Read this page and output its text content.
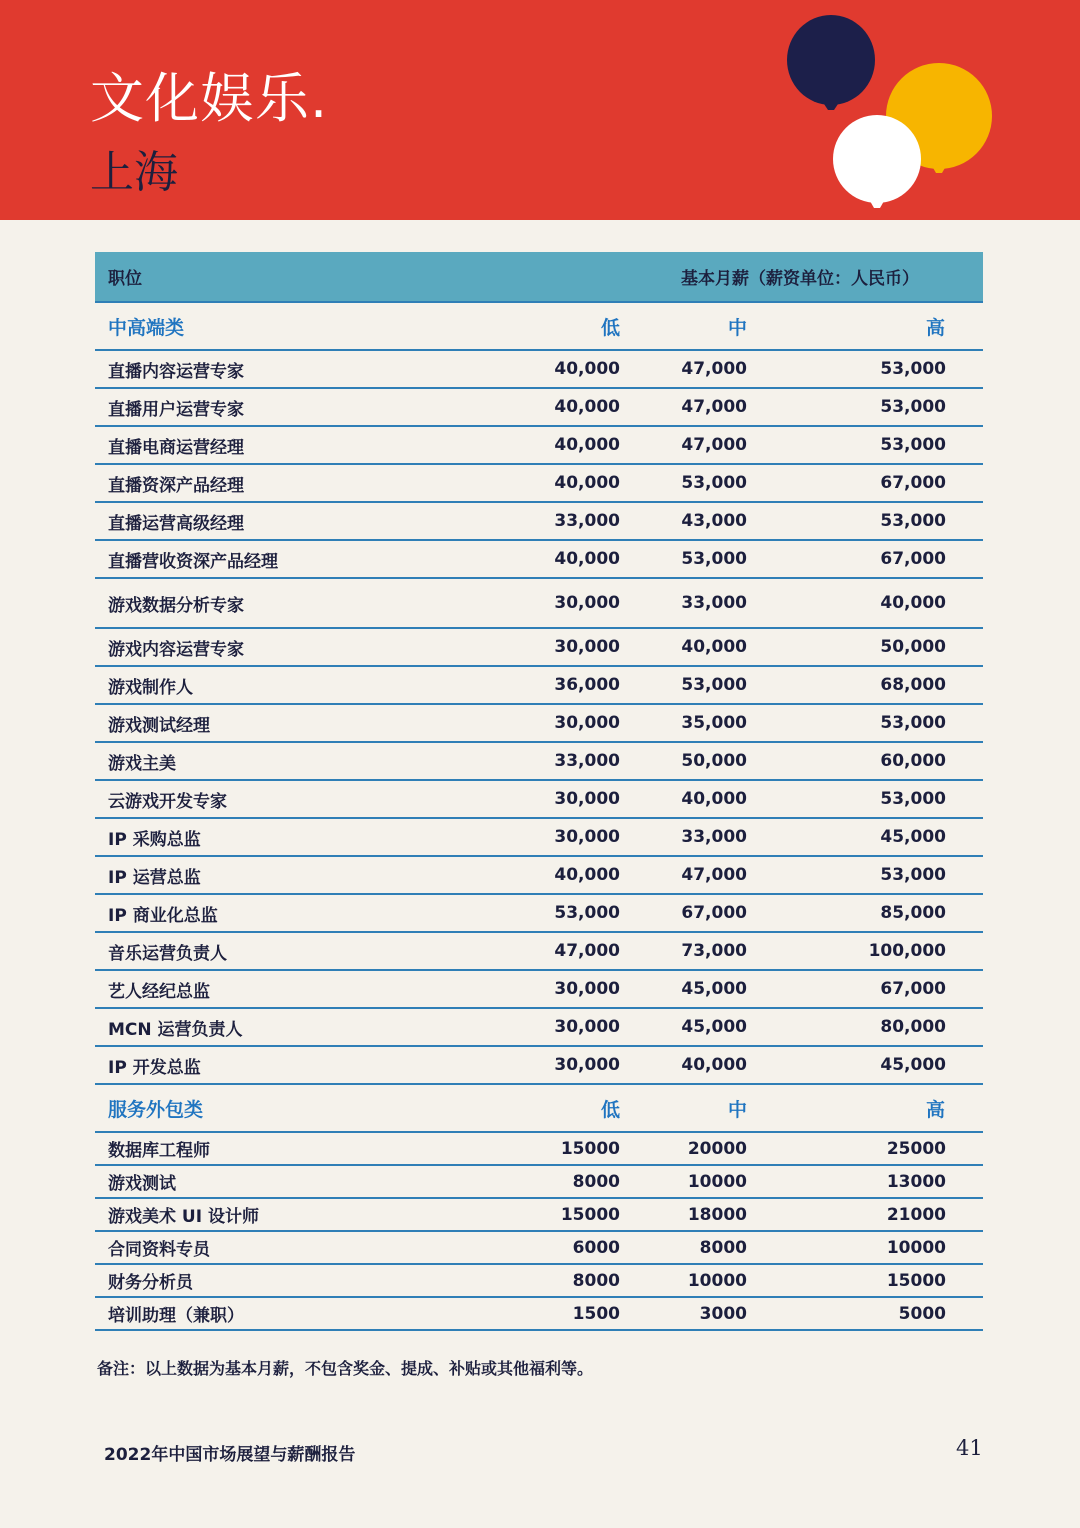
文化娱乐.
上海
职位	基本月薪（薪资单位：人民币）		
中高端类	低	中	高

直播内容运营专家	40,000	47,000	53,000

直播用户运营专家	40,000	47,000	53,000

直播电商运营经理	40,000	47,000	53,000

直播资深产品经理	40,000	53,000	67,000

直播运营高级经理	33,000	43,000	53,000

直播营收资深产品经理	40,000	53,000	67,000

游戏数据分析专家	30,000	33,000	40,000

游戏内容运营专家	30,000	40,000	50,000

游戏制作人	36,000	53,000	68,000

游戏测试经理	30,000	35,000	53,000

游戏主美	33,000	50,000	60,000

云游戏开发专家	30,000	40,000	53,000

IP 采购总监	30,000	33,000	45,000

IP 运营总监	40,000	47,000	53,000

IP 商业化总监	53,000	67,000	85,000

音乐运营负责人	47,000	73,000	100,000

艺人经纪总监	30,000	45,000	67,000

MCN 运营负责人	30,000	45,000	80,000

IP 开发总监	30,000	40,000	45,000

服务外包类	低	中	高

数据库工程师	15000	20000	25000

游戏测试	8000	10000	13000

游戏美术 UI 设计师	15000	18000	21000

合同资料专员	6000	8000	10000

财务分析员	8000	10000	15000

培训助理（兼职）	1500	3000	5000
备注：以上数据为基本月薪，不包含奖金、提成、补贴或其他福利等。
2022年中国市场展望与薪酬报告	41
